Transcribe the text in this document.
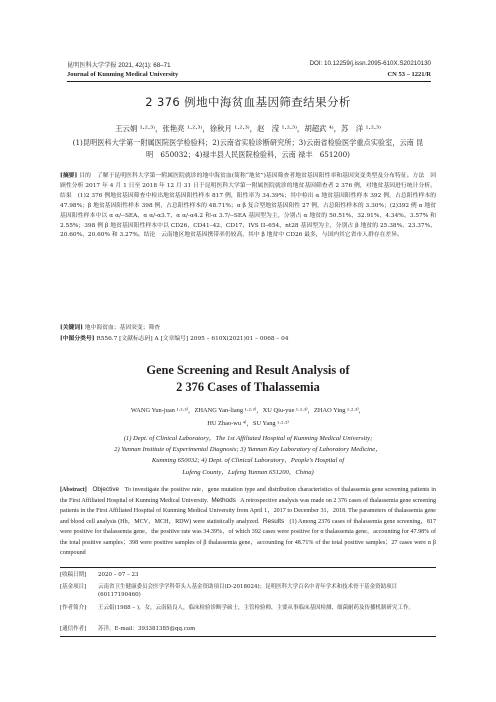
昆明医科大学学报 2021, 42(1): 68–71	DOI: 10.12259/j.issn.2095-610X.S20210130
Journal of Kunming Medical University	CN 53 – 1221/R
2 376 例地中海贫血基因筛查结果分析
王云娟 ¹·²·³⁾，张艳亮 ¹·²·³⁾，徐秋月 ¹·²·³⁾，赵　滢 ¹·²·³⁾，胡超武 ⁴⁾，苏　洋 ¹·²·³⁾
(1)昆明医科大学第一附属医院医学检验科；2)云南省实验诊断研究所；3)云南省检验医学重点实验室，云南 昆明　650032；4)禄丰县人民医院检验科，云南 禄丰　651200)
[摘要] 目的　了解于昆明医科大学第一附属医院就诊的地中海贫血(简称“地贫”)基因筛查者地贫基因阳性率和基因突变类型及分布特征。方法　回顾性分析 2017 年 4 月 1 日至 2018 年 12 月 31 日于昆明医科大学第一附属医院就诊的地贫基因筛查者 2 376 例，对地贫基因进行统计分析。结果　(1)2 376 例地贫基因筛查中检出地贫基因阳性样本 817 例，阳性率为 34.39%；其中检出 α 地贫基因阳性样本 392 例，占总阳性样本的 47.98%；β 地贫基因阳性样本 398 例，占总阳性样本的 48.71%；α β 复合型地贫基因阳性 27 例，占总阳性样本的 3.30%；(2)392 例 α 地贫基因阳性样本中以 α α/--SEA、α α/-α3.7、α α/-α4.2 和-α 3.7/--SEA 基因型为主，分别占 α 地贫的 50.51%、32.91%、4.34%、3.57% 和 2.55%；398 例 β 地贫基因阳性样本中以 CD26、CD41–42、CD17、IVS II–654、nt28 基因型为主，分别占 β 地贫的 25.38%、23.37%、20.60%、20.60% 和 3.27%。结论　云南地区地贫基因携带率仍较高，其中 β 地贫中 CD26 最多，与国内其它省市人群存在差异。
[关键词] 地中海贫血；基因突变；筛查
[中图分类号] R556.7 [文献标志码] A [文章编号] 2095 – 610X(2021)01 – 0068 – 04
Gene Screening and Result Analysis of
2 376 Cases of Thalassemia
WANG Yun-juan ¹·²·³⁾，ZHANG Yan-liang ¹·²·³⁾，XU Qiu-yue ¹·²·³⁾，ZHAO Ying ¹·²·³⁾，
HU Zhao-wu ⁴⁾，SU Yang ¹·²·³⁾
(1) Dept. of Clinical Laboratory，The 1st Affiliated Hospital of Kunming Medical University;
2) Yunnan Institute of Experimental Diagnosis; 3) Yunnan Key Laboratory of Laboratory Medicine，
Kunming 650032; 4) Dept. of Clinical Laboratory，People’s Hospital of
Lufeng County，Lufeng Yunnan 651200，China)
[Abstract] Objective To investigate the positive rate，gene mutation type and distribution characteristics of thalassemia gene screening patients in the First Affiliated Hospital of Kunming Medical University. Methods A retrospective analysis was made on 2 376 cases of thalassemia gene screening patients in the First Affiliated Hospital of Kunming Medical University from April 1，2017 to December 31，2018. The parameters of thalassemia gene and blood cell analysis (Hb，MCV，MCH，RDW) were statistically analyzed. Results (1) Among 2376 cases of thalassemia gene screening，817 were positive for thalassemia gene，the positive rate was 34.39%，of which 392 cases were positive for α thalassemia gene，accounting for 47.98% of the total positive samples；398 were positive samples of β thalassemia gene，accounting for 48.71% of the total positive samples；27 cases were α β compound
[收稿日期]	2020 – 07 – 23
[基金项目]	云南省卫生健康委员会医学学科带头人基金资助项目(D-2018024)；昆明医科大学百名中青年学术和技术骨干基金资助项目(60117190460)
[作者简介]	王云娟(1988 – )，女，云南陆良人，临床检验诊断学硕士，主管检验师，主要从事临床基因检测、细菌耐药及传播机制研究工作。
[通信作者]	苏洋，E-mail：393381385@qq.com
